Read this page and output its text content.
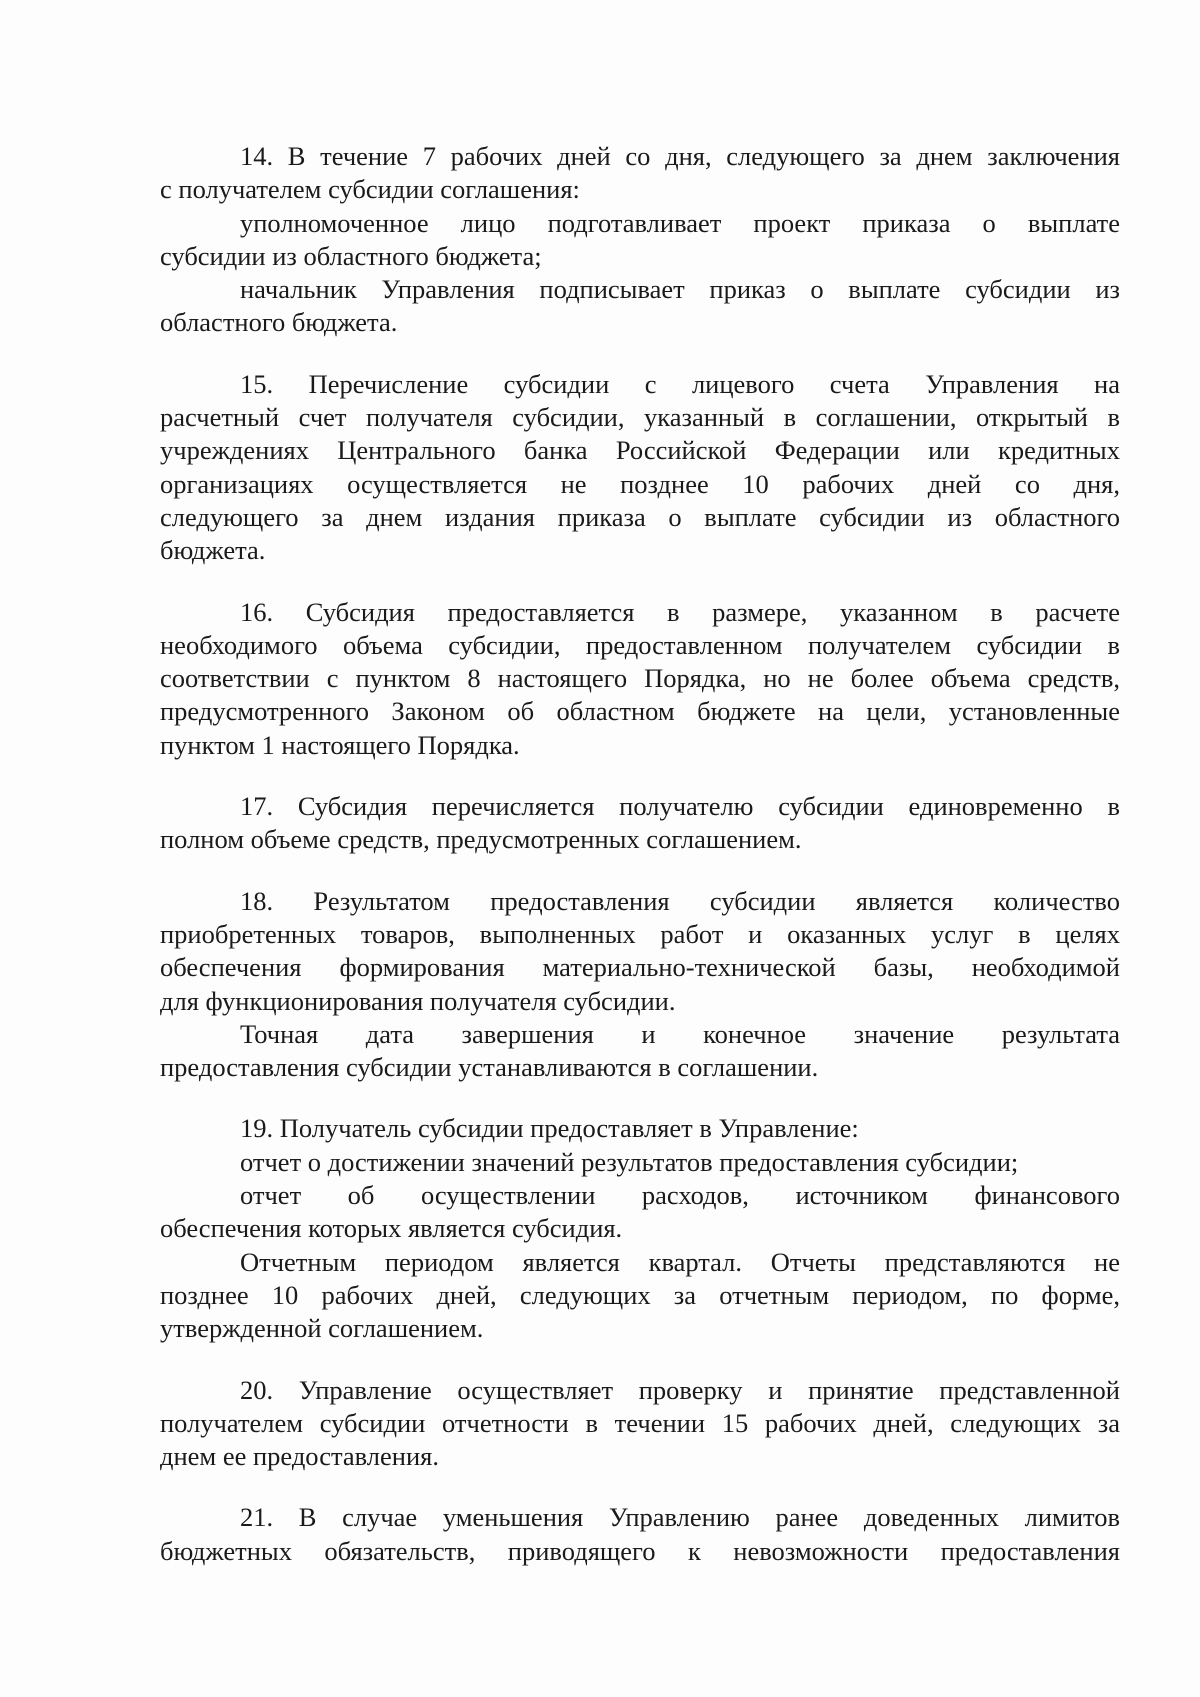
14. В течение 7 рабочих дней со дня, следующего за днем заключения
с получателем субсидии соглашения:
уполномоченное лицо подготавливает проект приказа о выплате
субсидии из областного бюджета;
начальник Управления подписывает приказ о выплате субсидии из
областного бюджета.
15. Перечисление субсидии с лицевого счета Управления на
расчетный счет получателя субсидии, указанный в соглашении, открытый в
учреждениях Центрального банка Российской Федерации или кредитных
организациях осуществляется не позднее 10 рабочих дней со дня,
следующего за днем издания приказа о выплате субсидии из областного
бюджета.
16. Субсидия предоставляется в размере, указанном в расчете
необходимого объема субсидии, предоставленном получателем субсидии в
соответствии с пунктом 8 настоящего Порядка, но не более объема средств,
предусмотренного Законом об областном бюджете на цели, установленные
пунктом 1 настоящего Порядка.
17. Субсидия перечисляется получателю субсидии единовременно в
полном объеме средств, предусмотренных соглашением.
18. Результатом предоставления субсидии является количество
приобретенных товаров, выполненных работ и оказанных услуг в целях
обеспечения формирования материально-технической базы, необходимой
для функционирования получателя субсидии.
Точная дата завершения и конечное значение результата
предоставления субсидии устанавливаются в соглашении.
19. Получатель субсидии предоставляет в Управление:
отчет о достижении значений результатов предоставления субсидии;
отчет об осуществлении расходов, источником финансового
обеспечения которых является субсидия.
Отчетным периодом является квартал. Отчеты представляются не
позднее 10 рабочих дней, следующих за отчетным периодом, по форме,
утвержденной соглашением.
20. Управление осуществляет проверку и принятие представленной
получателем субсидии отчетности в течении 15 рабочих дней, следующих за
днем ее предоставления.
21. В случае уменьшения Управлению ранее доведенных лимитов
бюджетных обязательств, приводящего к невозможности предоставления
